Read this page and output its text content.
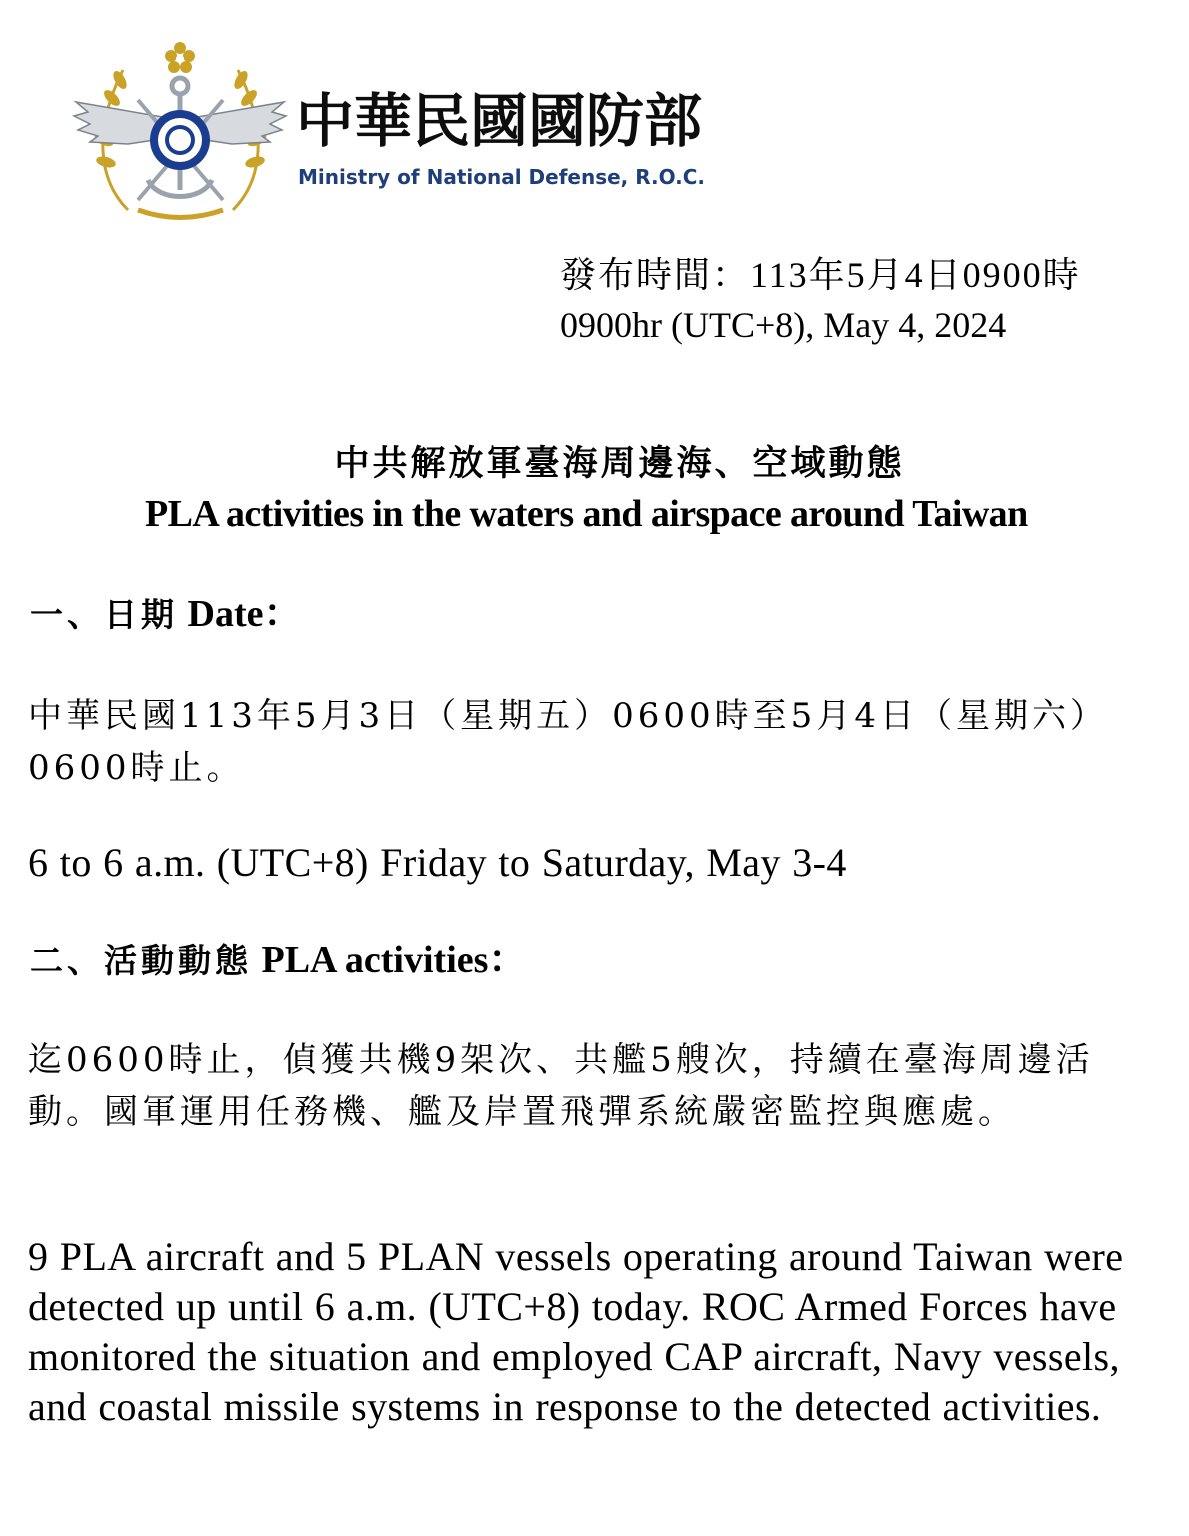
中華民國國防部
Ministry of National Defense, R.O.C.
發布時間：113年5月4日0900時
0900hr (UTC+8), May 4, 2024
中共解放軍臺海周邊海、空域動態
PLA activities in the waters and airspace around Taiwan
一、日期 Date：
中華民國113年5月3日（星期五）0600時至5月4日（星期六）0600時止。
6 to 6 a.m. (UTC+8) Friday to Saturday, May 3-4
二、活動動態 PLA activities：
迄0600時止，偵獲共機9架次、共艦5艘次，持續在臺海周邊活動。國軍運用任務機、艦及岸置飛彈系統嚴密監控與應處。
9 PLA aircraft and 5 PLAN vessels operating around Taiwan were detected up until 6 a.m. (UTC+8) today. ROC Armed Forces have monitored the situation and employed CAP aircraft, Navy vessels, and coastal missile systems in response to the detected activities.
